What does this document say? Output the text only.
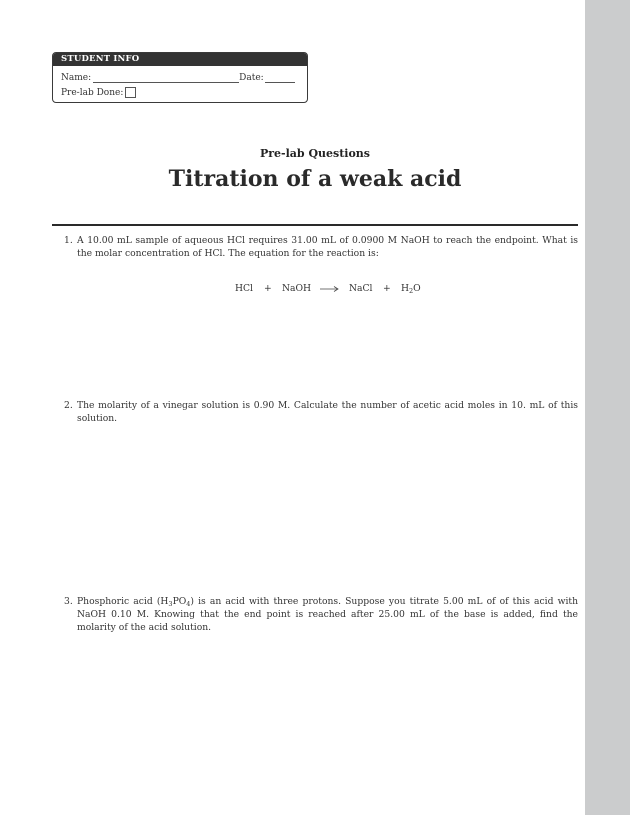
STUDENT INFO
Name:	Date:
Pre-lab Done:
Pre-lab Questions
Titration of a weak acid
1. A 10.00 mL sample of aqueous HCl requires 31.00 mL of 0.0900 M NaOH to reach the endpoint. What is the molar concentration of HCl. The equation for the reaction is:
HCl + NaOH → NaCl + $H_2O$
2. The molarity of a vinegar solution is 0.90 M. Calculate the number of acetic acid moles in 10. mL of this solution.
3. Phosphoric acid $(H_3PO_4)$ is an acid with three protons. Suppose you titrate 5.00 mL of of this acid with NaOH 0.10 M. Knowing that the end point is reached after 25.00 mL of the base is added, find the molarity of the acid solution.
